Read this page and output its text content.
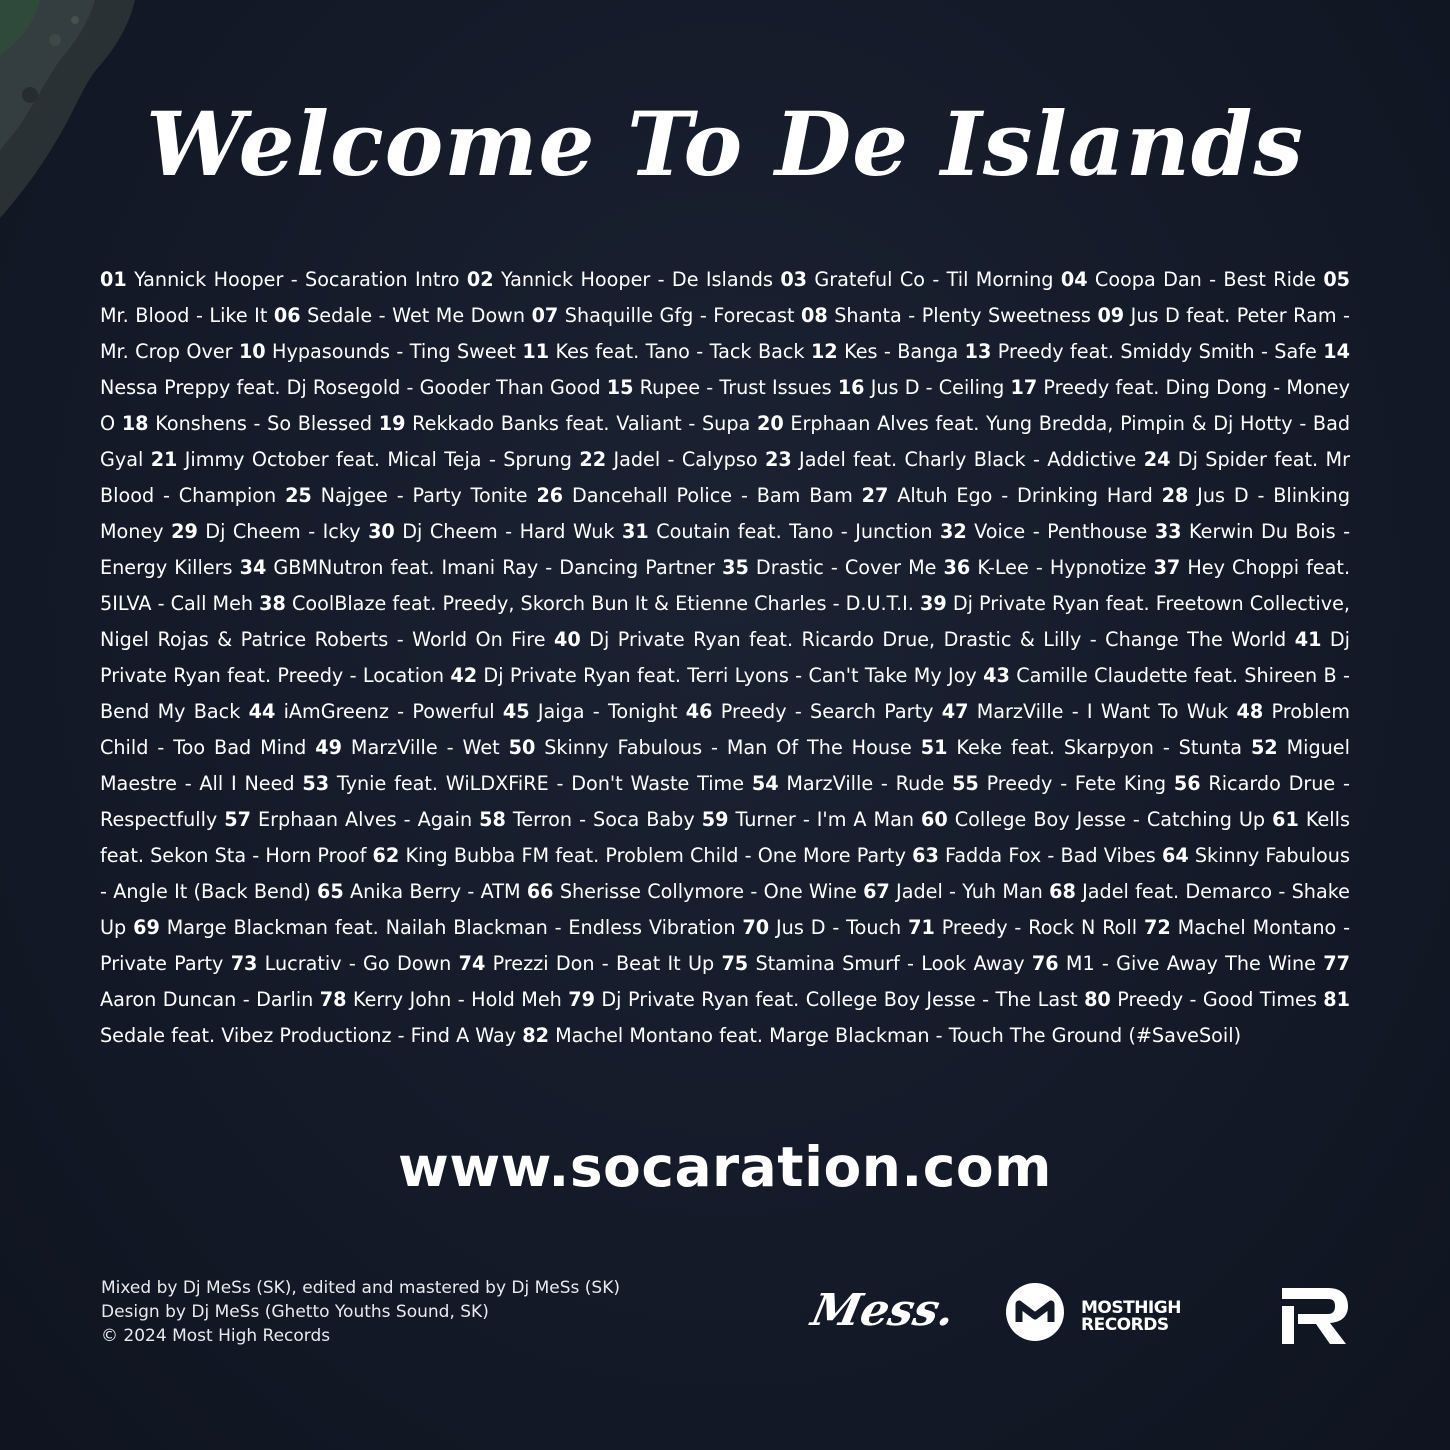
Welcome To De Islands

01 Yannick Hooper - Socaration Intro 02 Yannick Hooper - De Islands 03 Grateful Co - Til Morning 04 Coopa Dan - Best Ride 05 Mr. Blood - Like It 06 Sedale - Wet Me Down 07 Shaquille Gfg - Forecast 08 Shanta - Plenty Sweetness 09 Jus D feat. Peter Ram - Mr. Crop Over 10 Hypasounds - Ting Sweet 11 Kes feat. Tano - Tack Back 12 Kes - Banga 13 Preedy feat. Smiddy Smith - Safe 14 Nessa Preppy feat. Dj Rosegold - Gooder Than Good 15 Rupee - Trust Issues 16 Jus D - Ceiling 17 Preedy feat. Ding Dong - Money O 18 Konshens - So Blessed 19 Rekkado Banks feat. Valiant - Supa 20 Erphaan Alves feat. Yung Bredda, Pimpin & Dj Hotty - Bad Gyal 21 Jimmy October feat. Mical Teja - Sprung 22 Jadel - Calypso 23 Jadel feat. Charly Black - Addictive 24 Dj Spider feat. Mr Blood - Champion 25 Najgee - Party Tonite 26 Dancehall Police - Bam Bam 27 Altuh Ego - Drinking Hard 28 Jus D - Blinking Money 29 Dj Cheem - Icky 30 Dj Cheem - Hard Wuk 31 Coutain feat. Tano - Junction 32 Voice - Penthouse 33 Kerwin Du Bois - Energy Killers 34 GBMNutron feat. Imani Ray - Dancing Partner 35 Drastic - Cover Me 36 K-Lee - Hypnotize 37 Hey Choppi feat. 5ILVA - Call Meh 38 CoolBlaze feat. Preedy, Skorch Bun It & Etienne Charles - D.U.T.I. 39 Dj Private Ryan feat. Freetown Collective, Nigel Rojas & Patrice Roberts - World On Fire 40 Dj Private Ryan feat. Ricardo Drue, Drastic & Lilly - Change The World 41 Dj Private Ryan feat. Preedy - Location 42 Dj Private Ryan feat. Terri Lyons - Can't Take My Joy 43 Camille Claudette feat. Shireen B - Bend My Back 44 iAmGreenz - Powerful 45 Jaiga - Tonight 46 Preedy - Search Party 47 MarzVille - I Want To Wuk 48 Problem Child - Too Bad Mind 49 MarzVille - Wet 50 Skinny Fabulous - Man Of The House 51 Keke feat. Skarpyon - Stunta 52 Miguel Maestre - All I Need 53 Tynie feat. WiLDXFiRE - Don't Waste Time 54 MarzVille - Rude 55 Preedy - Fete King 56 Ricardo Drue - Respectfully 57 Erphaan Alves - Again 58 Terron - Soca Baby 59 Turner - I'm A Man 60 College Boy Jesse - Catching Up 61 Kells feat. Sekon Sta - Horn Proof 62 King Bubba FM feat. Problem Child - One More Party 63 Fadda Fox - Bad Vibes 64 Skinny Fabulous - Angle It (Back Bend) 65 Anika Berry - ATM 66 Sherisse Collymore - One Wine 67 Jadel - Yuh Man 68 Jadel feat. Demarco - Shake Up 69 Marge Blackman feat. Nailah Blackman - Endless Vibration 70 Jus D - Touch 71 Preedy - Rock N Roll 72 Machel Montano - Private Party 73 Lucrativ - Go Down 74 Prezzi Don - Beat It Up 75 Stamina Smurf - Look Away 76 M1 - Give Away The Wine 77 Aaron Duncan - Darlin 78 Kerry John - Hold Meh 79 Dj Private Ryan feat. College Boy Jesse - The Last 80 Preedy - Good Times 81 Sedale feat. Vibez Productionz - Find A Way 82 Machel Montano feat. Marge Blackman - Touch The Ground (#SaveSoil)

www.socaration.com
Mixed by Dj MeSs (SK), edited and mastered by Dj MeSs (SK)
Design by Dj MeSs (Ghetto Youths Sound, SK)
© 2024 Most High Records
Mess.	MOSTHIGH
RECORDS
